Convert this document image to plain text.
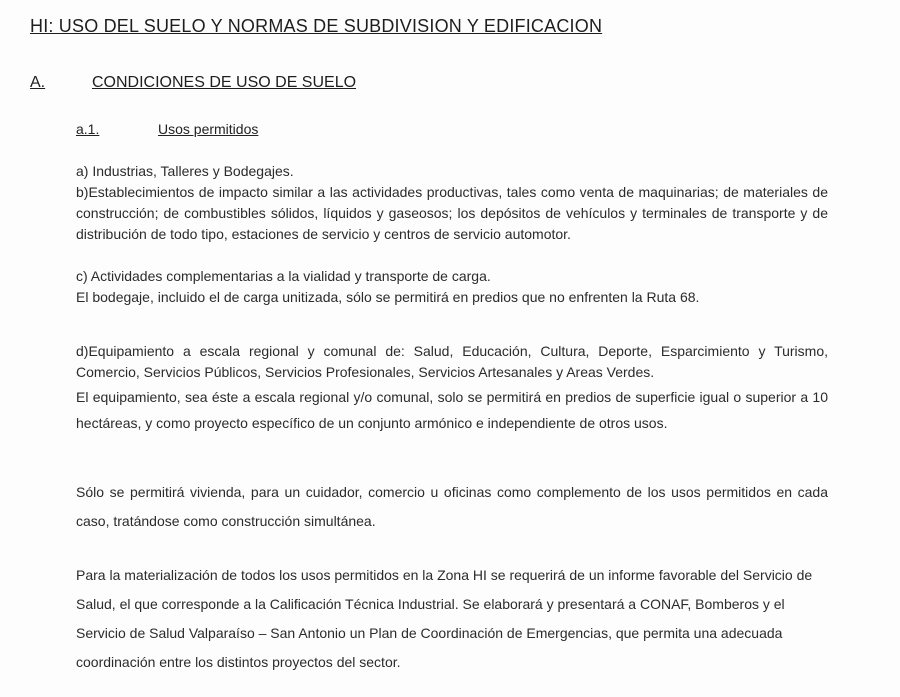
HI: USO DEL SUELO Y NORMAS DE SUBDIVISION Y EDIFICACION
A.	CONDICIONES DE USO DE SUELO
a.1.	Usos permitidos
a) Industrias, Talleres y Bodegajes.
b)Establecimientos de impacto similar a las actividades productivas, tales como venta de maquinarias; de materiales de construcción; de combustibles sólidos, líquidos y gaseosos; los depósitos de vehículos y terminales de transporte y de distribución de todo tipo, estaciones de servicio y centros de servicio automotor.
c) Actividades complementarias a la vialidad y transporte de carga.
El bodegaje, incluido el de carga unitizada, sólo se permitirá en predios que no enfrenten la Ruta 68.
d)Equipamiento a escala regional y comunal de: Salud, Educación, Cultura, Deporte, Esparcimiento y Turismo, Comercio, Servicios Públicos, Servicios Profesionales, Servicios Artesanales y Areas Verdes.
El equipamiento, sea éste a escala regional y/o comunal, solo se permitirá en predios de superficie igual o superior a 10 hectáreas, y como proyecto específico de un conjunto armónico e independiente de otros usos.
Sólo se permitirá vivienda, para un cuidador, comercio u oficinas como complemento de los usos permitidos en cada caso, tratándose como construcción simultánea.
Para la materialización de todos los usos permitidos en la Zona HI se requerirá de un informe favorable del Servicio de Salud, el que corresponde a la Calificación Técnica Industrial. Se elaborará y presentará a CONAF, Bomberos y el Servicio de Salud Valparaíso – San Antonio un Plan de Coordinación de Emergencias, que permita una adecuada coordinación entre los distintos proyectos del sector.
